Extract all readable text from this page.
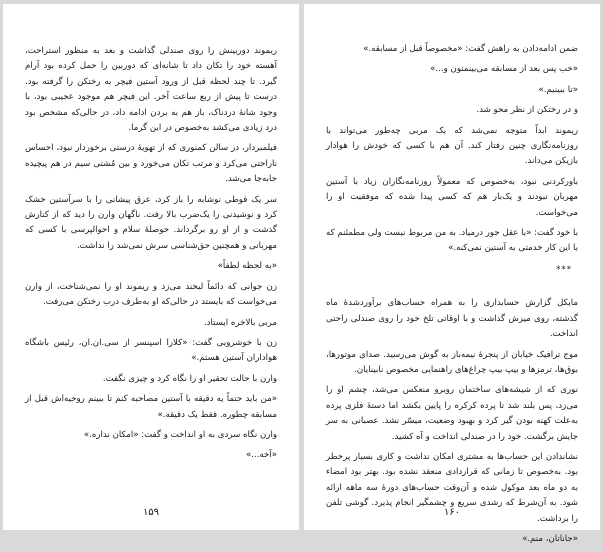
ریموند دوربینش را روی صندلی گذاشت و بعد به منظور استراحت، آهسته خود را تکان داد تا شانه‌ای که دوربین را حمل کرده بود آرام گیرد. تا چند لحظه قبل از ورود آستین فیچر به رختکن را گرفته بود. درست تا پیش از ربع ساعت آخر. این فیچر هم موجود عجیبی بود، با وجود شانهٔ دردناک، باز هم به بردن ادامه داد، در حالی‌که مشخص بود درد زیادی می‌کشد به‌خصوص در این گرما.

فیلمبردار، در سالن کمنوری که از تهویهٔ درستی برخوردار نبود، احساس ناراحتی می‌کرد و مرتب تکان می‌خورد و بین مُشتی سیم در هم پیچیده جابه‌جا می‌شد.

سر یک قوطی نوشابه را باز کرد، عرق پیشانی را با سرآستین خشک کرد و نوشیدنی را یک‌ضرب بالا رفت. ناگهان وارن را دید که از کنارش گذشت و از او رو برگرداند. حوصلهٔ سلام و احوالپرسی با کسی که مهربانی و همچنین حق‌شناسی سرش نمی‌شد را نداشت.

«به لحظه لطفاً»

زن جوانی که دائماً لبخند می‌زد و ریموند او را نمی‌شناخت، از وارن می‌خواست که بایستد در حالی‌که او به‌طرف درب رختکن می‌رفت.

مربی بالاخره ایستاد.

زن با خوشرویی گفت: «کلارا اسپنسر از سی.ان.ان، رئیس باشگاه هواداران آستین هستم.»

وارن با حالت تحقیر او را نگاه کرد و چیزی نگفت.

«من باید حتماً یه دقیقه با آستین مصاحبه کنم تا ببینم روحیه‌اش قبل از مسابقه چطوره. فقط یک دقیقه.»

وارن نگاه سردی به او انداخت و گفت: «امکان نداره.»

«آخه...»

۱۵۹

ضمن ادامه‌دادن به راهش گفت: «مخصوصاً قبل از مسابقه.»

«خب پس بعد از مسابقه می‌بینمتون و...»

«تا ببینیم.»

و در رختکن از نظر محو شد.

ریموند ابداً متوجه نمی‌شد که یک مربی چه‌طور می‌تواند با روزنامه‌نگاری چنین رفتار کند. آن هم با کسی که خودش را هوادار بازیکن می‌داند.

باورکردنی نبود، به‌خصوص که معمولاً روزنامه‌نگاران زیاد با آستین مهربان نبودند و یک‌بار هم که کسی پیدا شده که موفقیت او را می‌خواست.

با خود گفت: «با عقل جور درمیاد. به من مربوط نیست ولی مطمئنم که با این کار خدمتی به آستین نمی‌کنه.»

***

مایکل گزارش حسابداری را به همراه حساب‌های برآوردشدهٔ ماه گذشته، روی میزش گذاشت و با اوقاتی تلخ خود را روی صندلی راحتی انداخت.

موج ترافیک خیابان از پنجرهٔ نیمه‌باز به گوش می‌رسید. صدای موتورها، بوق‌ها، ترمزها و بیپ بیپ چراغ‌های راهنمایی مخصوص نابینایان.

نوری که از شیشه‌های ساختمان روبرو منعکس می‌شد، چشم او را می‌زد، پس بلند شد تا پرده کرکره را پایین بکشد اما دستهٔ فلزی پرده به‌علت کهنه بودن گیر کرد و بهبود وضعیت، میسّر نشد. عصبانی به سر جایش برگشت. خود را در صندلی انداخت و آه کشید.

نشاندادن این حساب‌ها به مشتری امکان نداشت و کاری بسیار پرخطر بود. به‌خصوص تا زمانی که قراردادی منعقد نشده بود. بهتر بود امضاء به دو ماه بعد موکول شده و آن‌وقت حساب‌های دورهٔ سه ماهه ارائه شود. به آن‌شرط که رشدی سریع و چشمگیر انجام پذیرد. گوشی تلفن را برداشت.

«جاناتان، منم.»

۱۶۰
